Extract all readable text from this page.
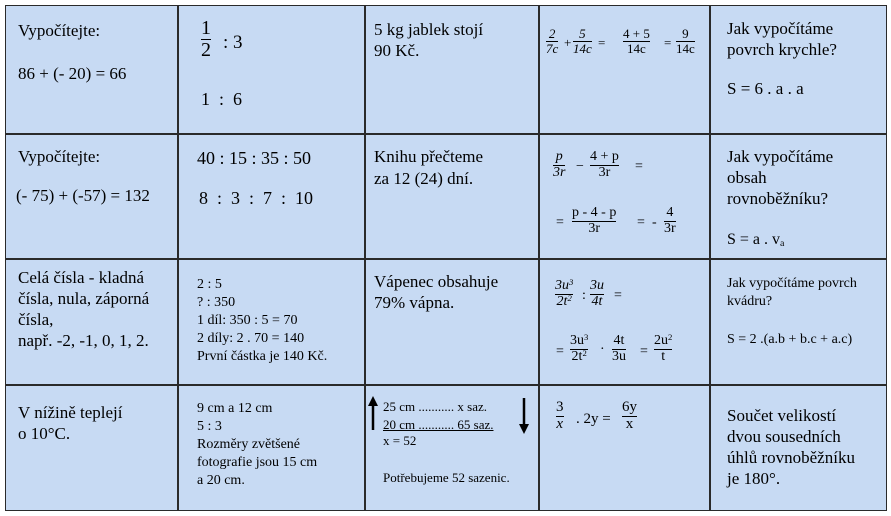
Vypočítejte:
86 + (- 20) = 66
1
2 : 3
1  :  6
5 kg jablek stojí
90 Kč.
2
7c +
5
14c =
4 + 5
14c =
9
14c
Jak vypočítáme
povrch krychle?
S = 6 . a . a
Vypočítejte:
(- 75) + (-57) = 132
40 : 15 : 35 : 50
8  :  3  :  7  :  10
Knihu přečteme
za 12 (24) dní.
p
3r −
4 + p
3r =
=
p - 4 - p
3r	= -
4
3r
Jak vypočítáme
obsah
rovnoběžníku?
S = a . $v_a$
Celá čísla - kladná
čísla, nula, záporná
čísla,
např. -2, -1, 0, 1, 2.
2 : 5
? : 350
1 díl: 350 : 5 = 70
2 díly: 2 . 70 = 140
První částka je 140 Kč.
Vápenec obsahuje
79% vápna.
$3u^3$
$2t^2$ :
3u
4t =
=
$3u^3$
$2t^2$ ·
4t
3u =
$2u^2$
t
Jak vypočítáme povrch
kvádru?
S = 2 .(a.b + b.c + a.c)
V nížině teplejí
o 10°C.
9 cm a 12 cm
5 : 3
Rozměry zvětšené
fotografie jsou 15 cm
a 20 cm.
25 cm ........... x saz.
20 cm ........... 65 saz.
x = 52
Potřebujeme 52 sazenic.
3
x . 2y =
6y
x	Součet velikostí
dvou sousedních
úhlů rovnoběžníku
je 180°.
